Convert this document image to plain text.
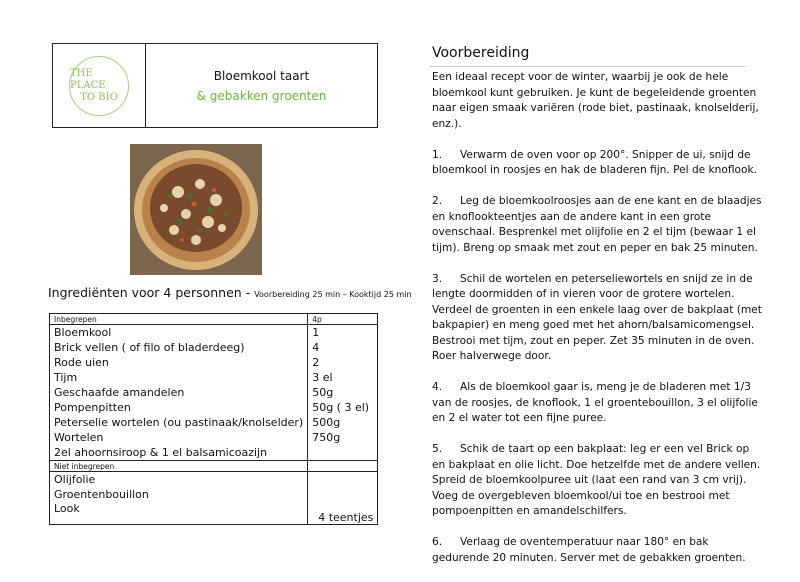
THE PLACE
TO BIO
Bloemkool taart
& gebakken groenten
Ingrediënten voor 4 personnen - Voorbereiding 25 min – Kooktijd 25 min
Inbegrepen	4p
Bloemkool	1
Brick vellen ( of filo of bladerdeeg)	4
Rode uien	2
Tijm	3 el
Geschaafde amandelen	50g
Pompenpitten	50g ( 3 el)
Peterselie wortelen (ou pastinaak/knolselder)	500g
Wortelen	750g
2el ahoornsiroop & 1 el balsamicoazijn	
Niet inbegrepen	
Olijfolie	
Groentenbouillon	
Look	4 teentjes
Voorbereiding

Een ideaal recept voor de winter, waarbij je ook de hele bloemkool kunt gebruiken. Je kunt de begeleidende groenten naar eigen smaak variëren (rode biet, pastinaak, knolselderij, enz.).

1. Verwarm de oven voor op 200°. Snipper de ui, snijd de bloemkool in roosjes en hak de bladeren fijn. Pel de knoflook.

2. Leg de bloemkoolroosjes aan de ene kant en de blaadjes en knoflookteentjes aan de andere kant in een grote ovenschaal. Besprenkel met olijfolie en 2 el tijm (bewaar 1 el tijm). Breng op smaak met zout en peper en bak 25 minuten.

3. Schil de wortelen en peterseliewortels en snijd ze in de lengte doormidden of in vieren voor de grotere wortelen. Verdeel de groenten in een enkele laag over de bakplaat (met bakpapier) en meng goed met het ahorn/balsamicomengsel. Bestrooi met tijm, zout en peper. Zet 35 minuten in de oven. Roer halverwege door.

4. Als de bloemkool gaar is, meng je de bladeren met 1/3 van de roosjes, de knoflook, 1 el groentebouillon, 3 el olijfolie en 2 el water tot een fijne puree.

5. Schik de taart op een bakplaat: leg er een vel Brick op en bakplaat en olie licht. Doe hetzelfde met de andere vellen. Spreid de bloemkoolpuree uit (laat een rand van 3 cm vrij). Voeg de overgebleven bloemkool/ui toe en bestrooi met pompoenpitten en amandelschilfers.

6. Verlaag de oventemperatuur naar 180° en bak gedurende 20 minuten. Server met de gebakken groenten.
